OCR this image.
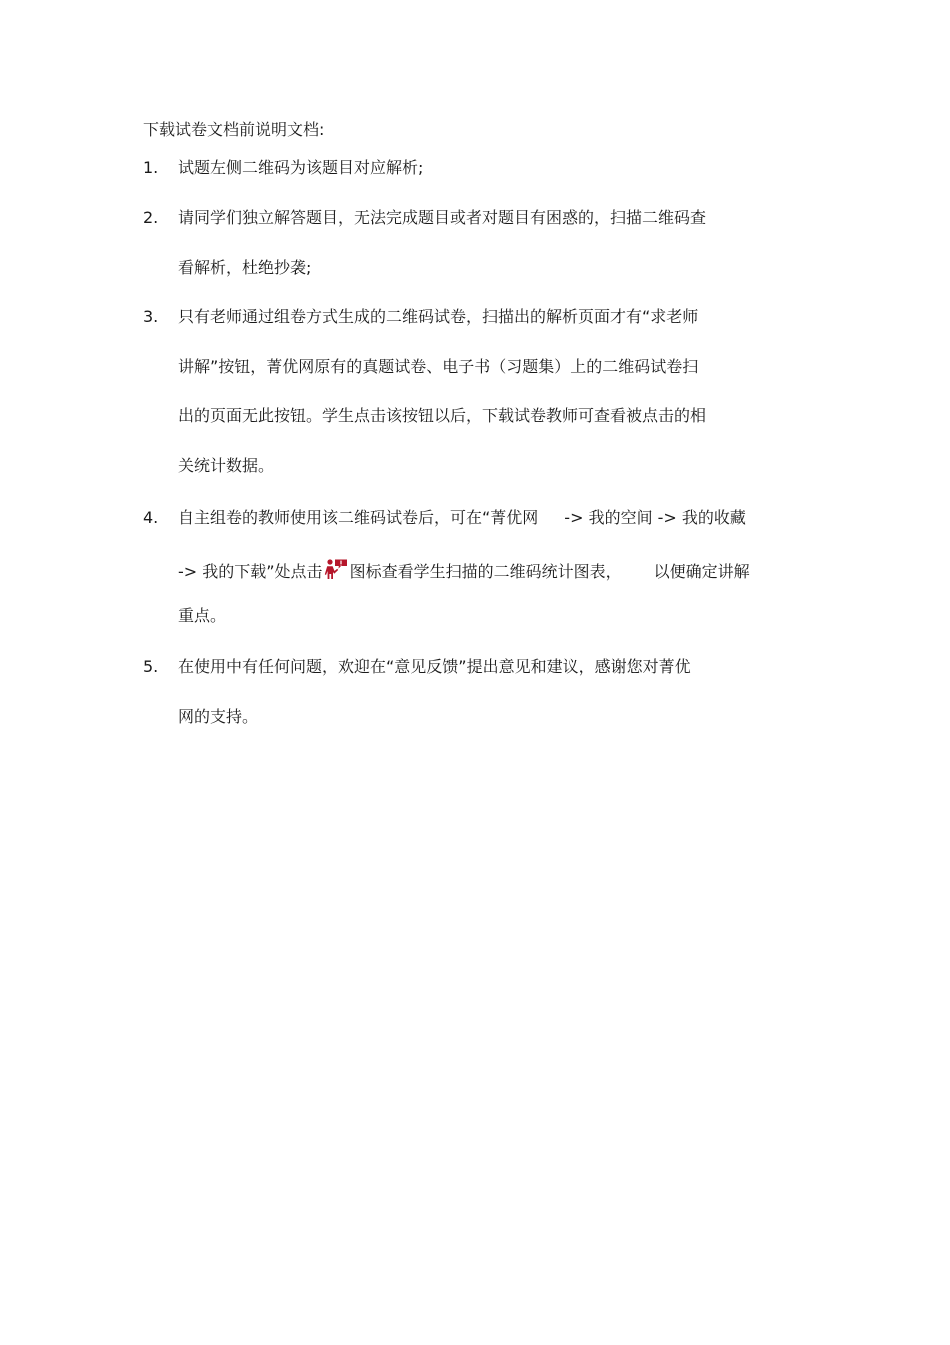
下载试卷文档前说明文档:
1. 试题左侧二维码为该题目对应解析;
2. 请同学们独立解答题目，无法完成题目或者对题目有困惑的，扫描二维码查
看解析，杜绝抄袭;
3. 只有老师通过组卷方式生成的二维码试卷，扫描出的解析页面才有“求老师
讲解”按钮，菁优网原有的真题试卷、电子书（习题集）上的二维码试卷扫
出的页面无此按钮。学生点击该按钮以后，下载试卷教师可查看被点击的相
关统计数据。
4. 自主组卷的教师使用该二维码试卷后，可在“菁优网 -> 我的空间 -> 我的收藏
-> 我的下载”处点击 图标查看学生扫描的二维码统计图表， 以便确定讲解
重点。
5. 在使用中有任何问题，欢迎在“意见反馈”提出意见和建议，感谢您对菁优
网的支持。
